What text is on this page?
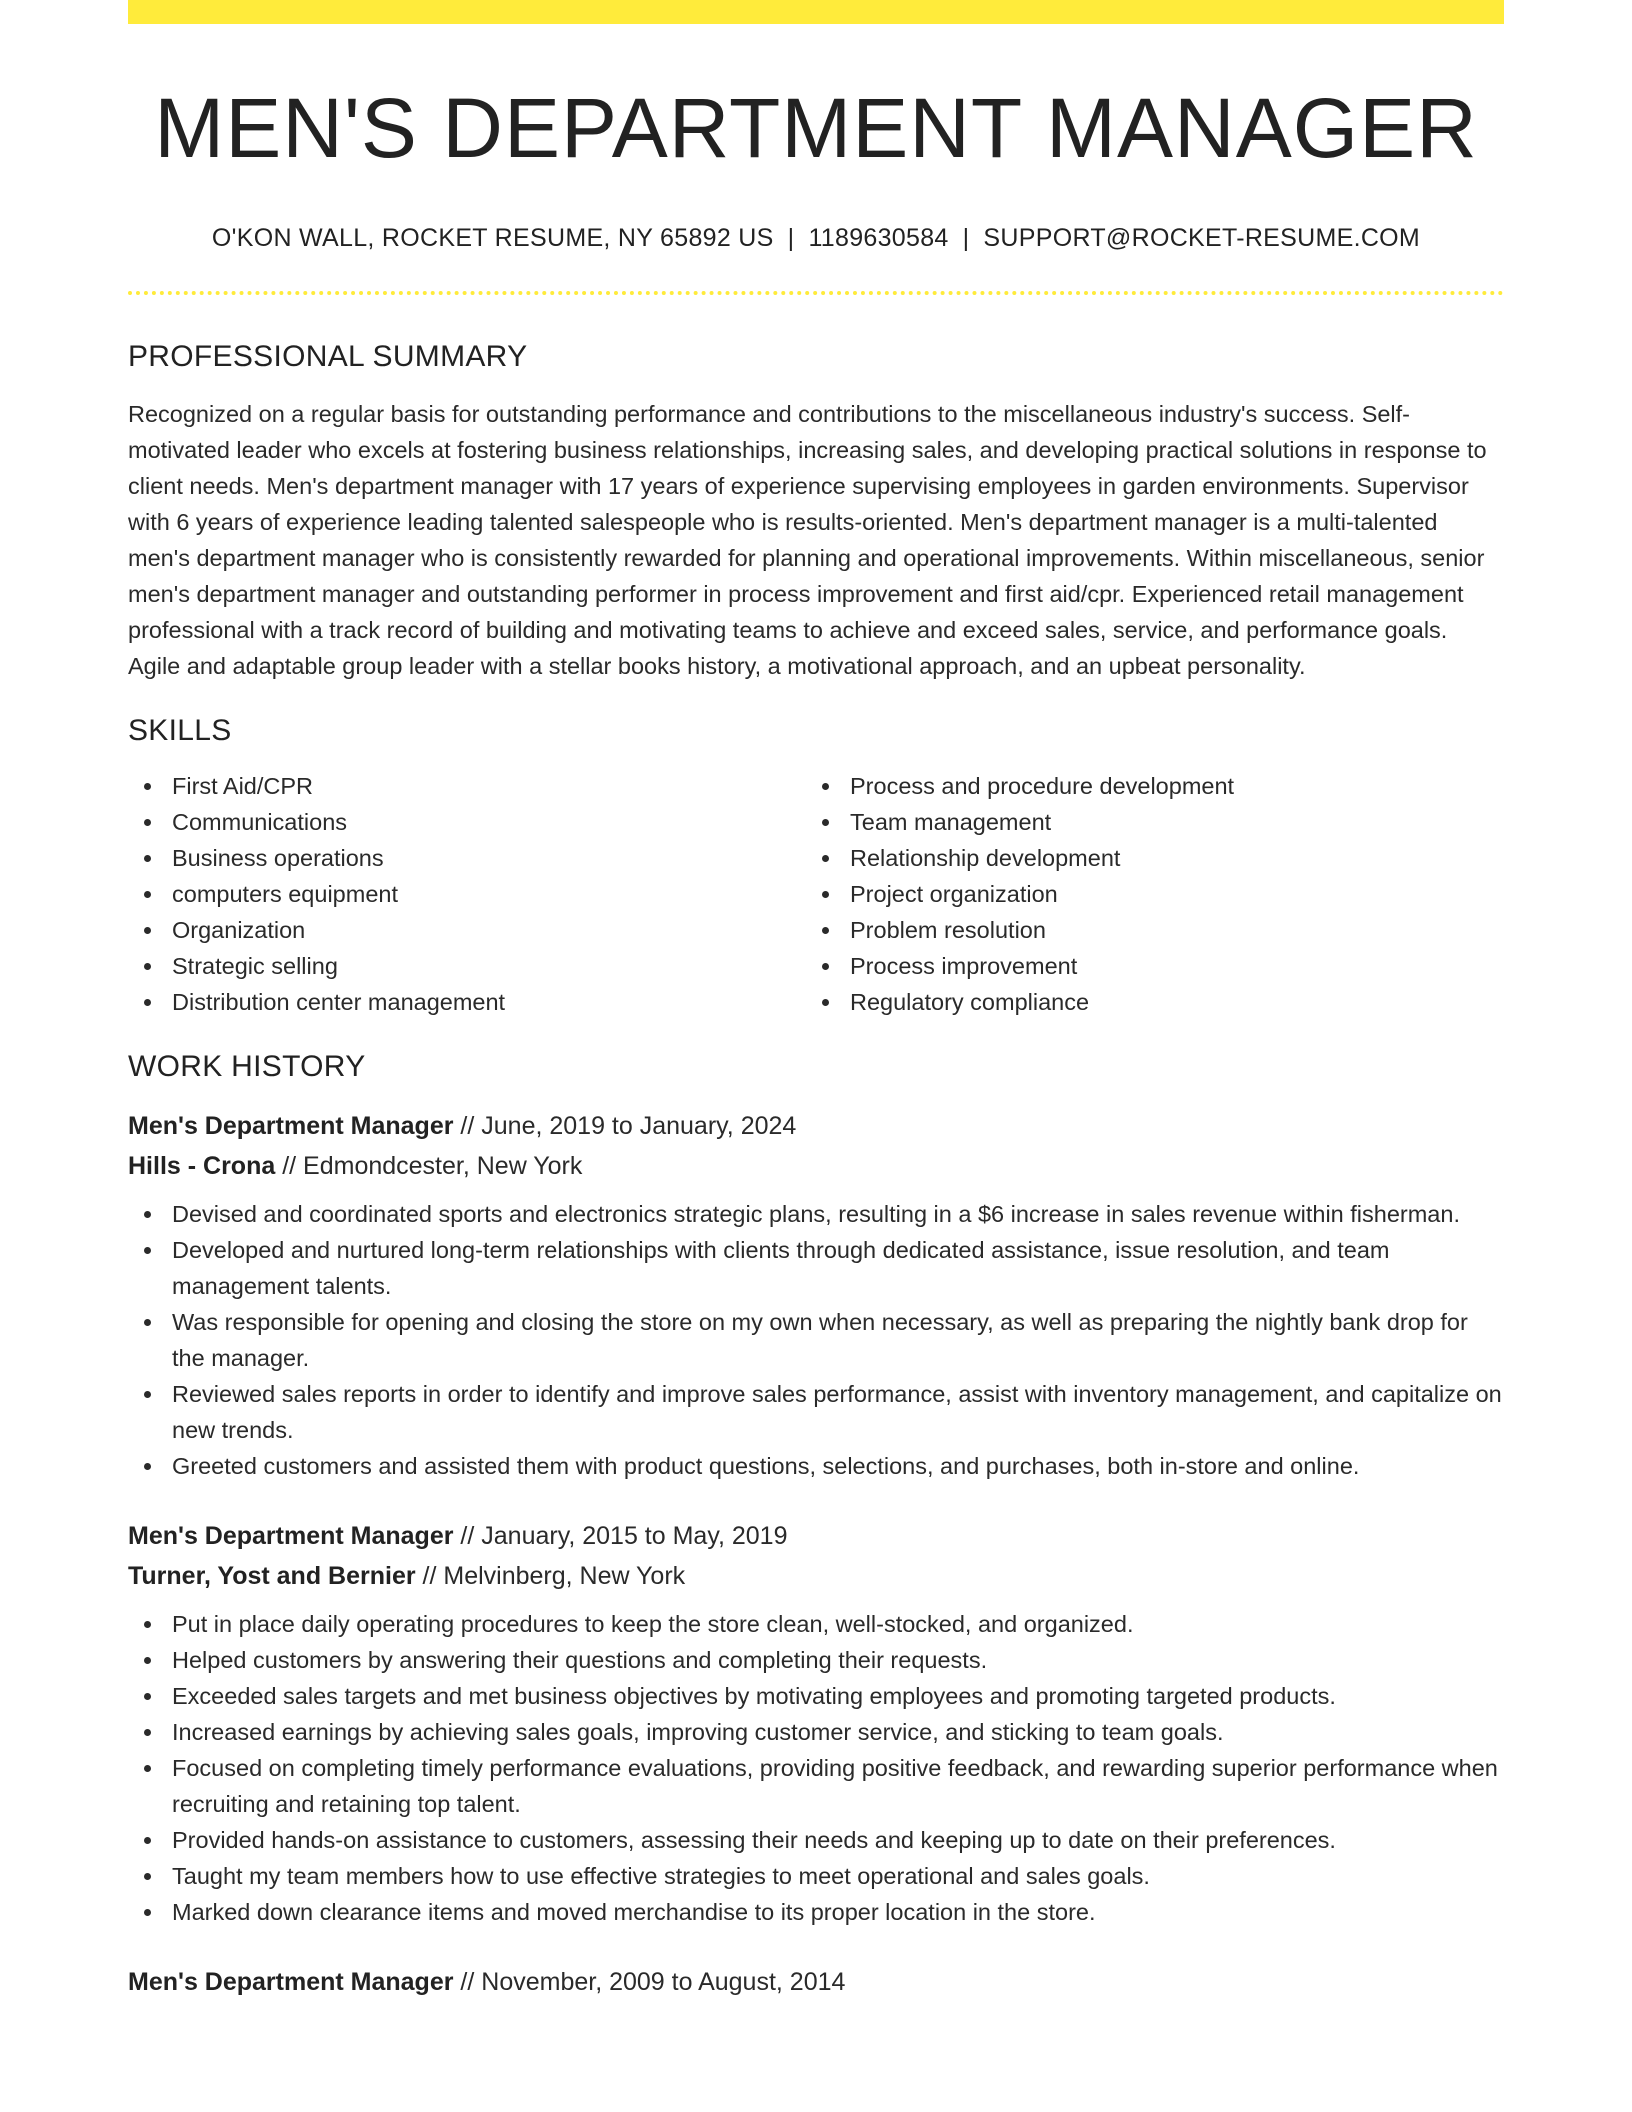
MEN'S DEPARTMENT MANAGER
O'KON WALL, ROCKET RESUME, NY 65892 US | 1189630584 | SUPPORT@ROCKET-RESUME.COM
PROFESSIONAL SUMMARY

Recognized on a regular basis for outstanding performance and contributions to the miscellaneous industry's success. Self-motivated leader who excels at fostering business relationships, increasing sales, and developing practical solutions in response to client needs. Men's department manager with 17 years of experience supervising employees in garden environments. Supervisor with 6 years of experience leading talented salespeople who is results-oriented. Men's department manager is a multi-talented men's department manager who is consistently rewarded for planning and operational improvements. Within miscellaneous, senior men's department manager and outstanding performer in process improvement and first aid/cpr. Experienced retail management professional with a track record of building and motivating teams to achieve and exceed sales, service, and performance goals. Agile and adaptable group leader with a stellar books history, a motivational approach, and an upbeat personality.

SKILLS
First Aid/CPR
Communications
Business operations
computers equipment
Organization
Strategic selling
Distribution center management
Process and procedure development
Team management
Relationship development
Project organization
Problem resolution
Process improvement
Regulatory compliance
WORK HISTORY
Men's Department Manager // June, 2019 to January, 2024
Hills - Crona // Edmondcester, New York
Devised and coordinated sports and electronics strategic plans, resulting in a $6 increase in sales revenue within fisherman.
Developed and nurtured long-term relationships with clients through dedicated assistance, issue resolution, and team management talents.
Was responsible for opening and closing the store on my own when necessary, as well as preparing the nightly bank drop for the manager.
Reviewed sales reports in order to identify and improve sales performance, assist with inventory management, and capitalize on new trends.
Greeted customers and assisted them with product questions, selections, and purchases, both in-store and online.
Men's Department Manager // January, 2015 to May, 2019
Turner, Yost and Bernier // Melvinberg, New York
Put in place daily operating procedures to keep the store clean, well-stocked, and organized.
Helped customers by answering their questions and completing their requests.
Exceeded sales targets and met business objectives by motivating employees and promoting targeted products.
Increased earnings by achieving sales goals, improving customer service, and sticking to team goals.
Focused on completing timely performance evaluations, providing positive feedback, and rewarding superior performance when recruiting and retaining top talent.
Provided hands-on assistance to customers, assessing their needs and keeping up to date on their preferences.
Taught my team members how to use effective strategies to meet operational and sales goals.
Marked down clearance items and moved merchandise to its proper location in the store.
Men's Department Manager // November, 2009 to August, 2014
